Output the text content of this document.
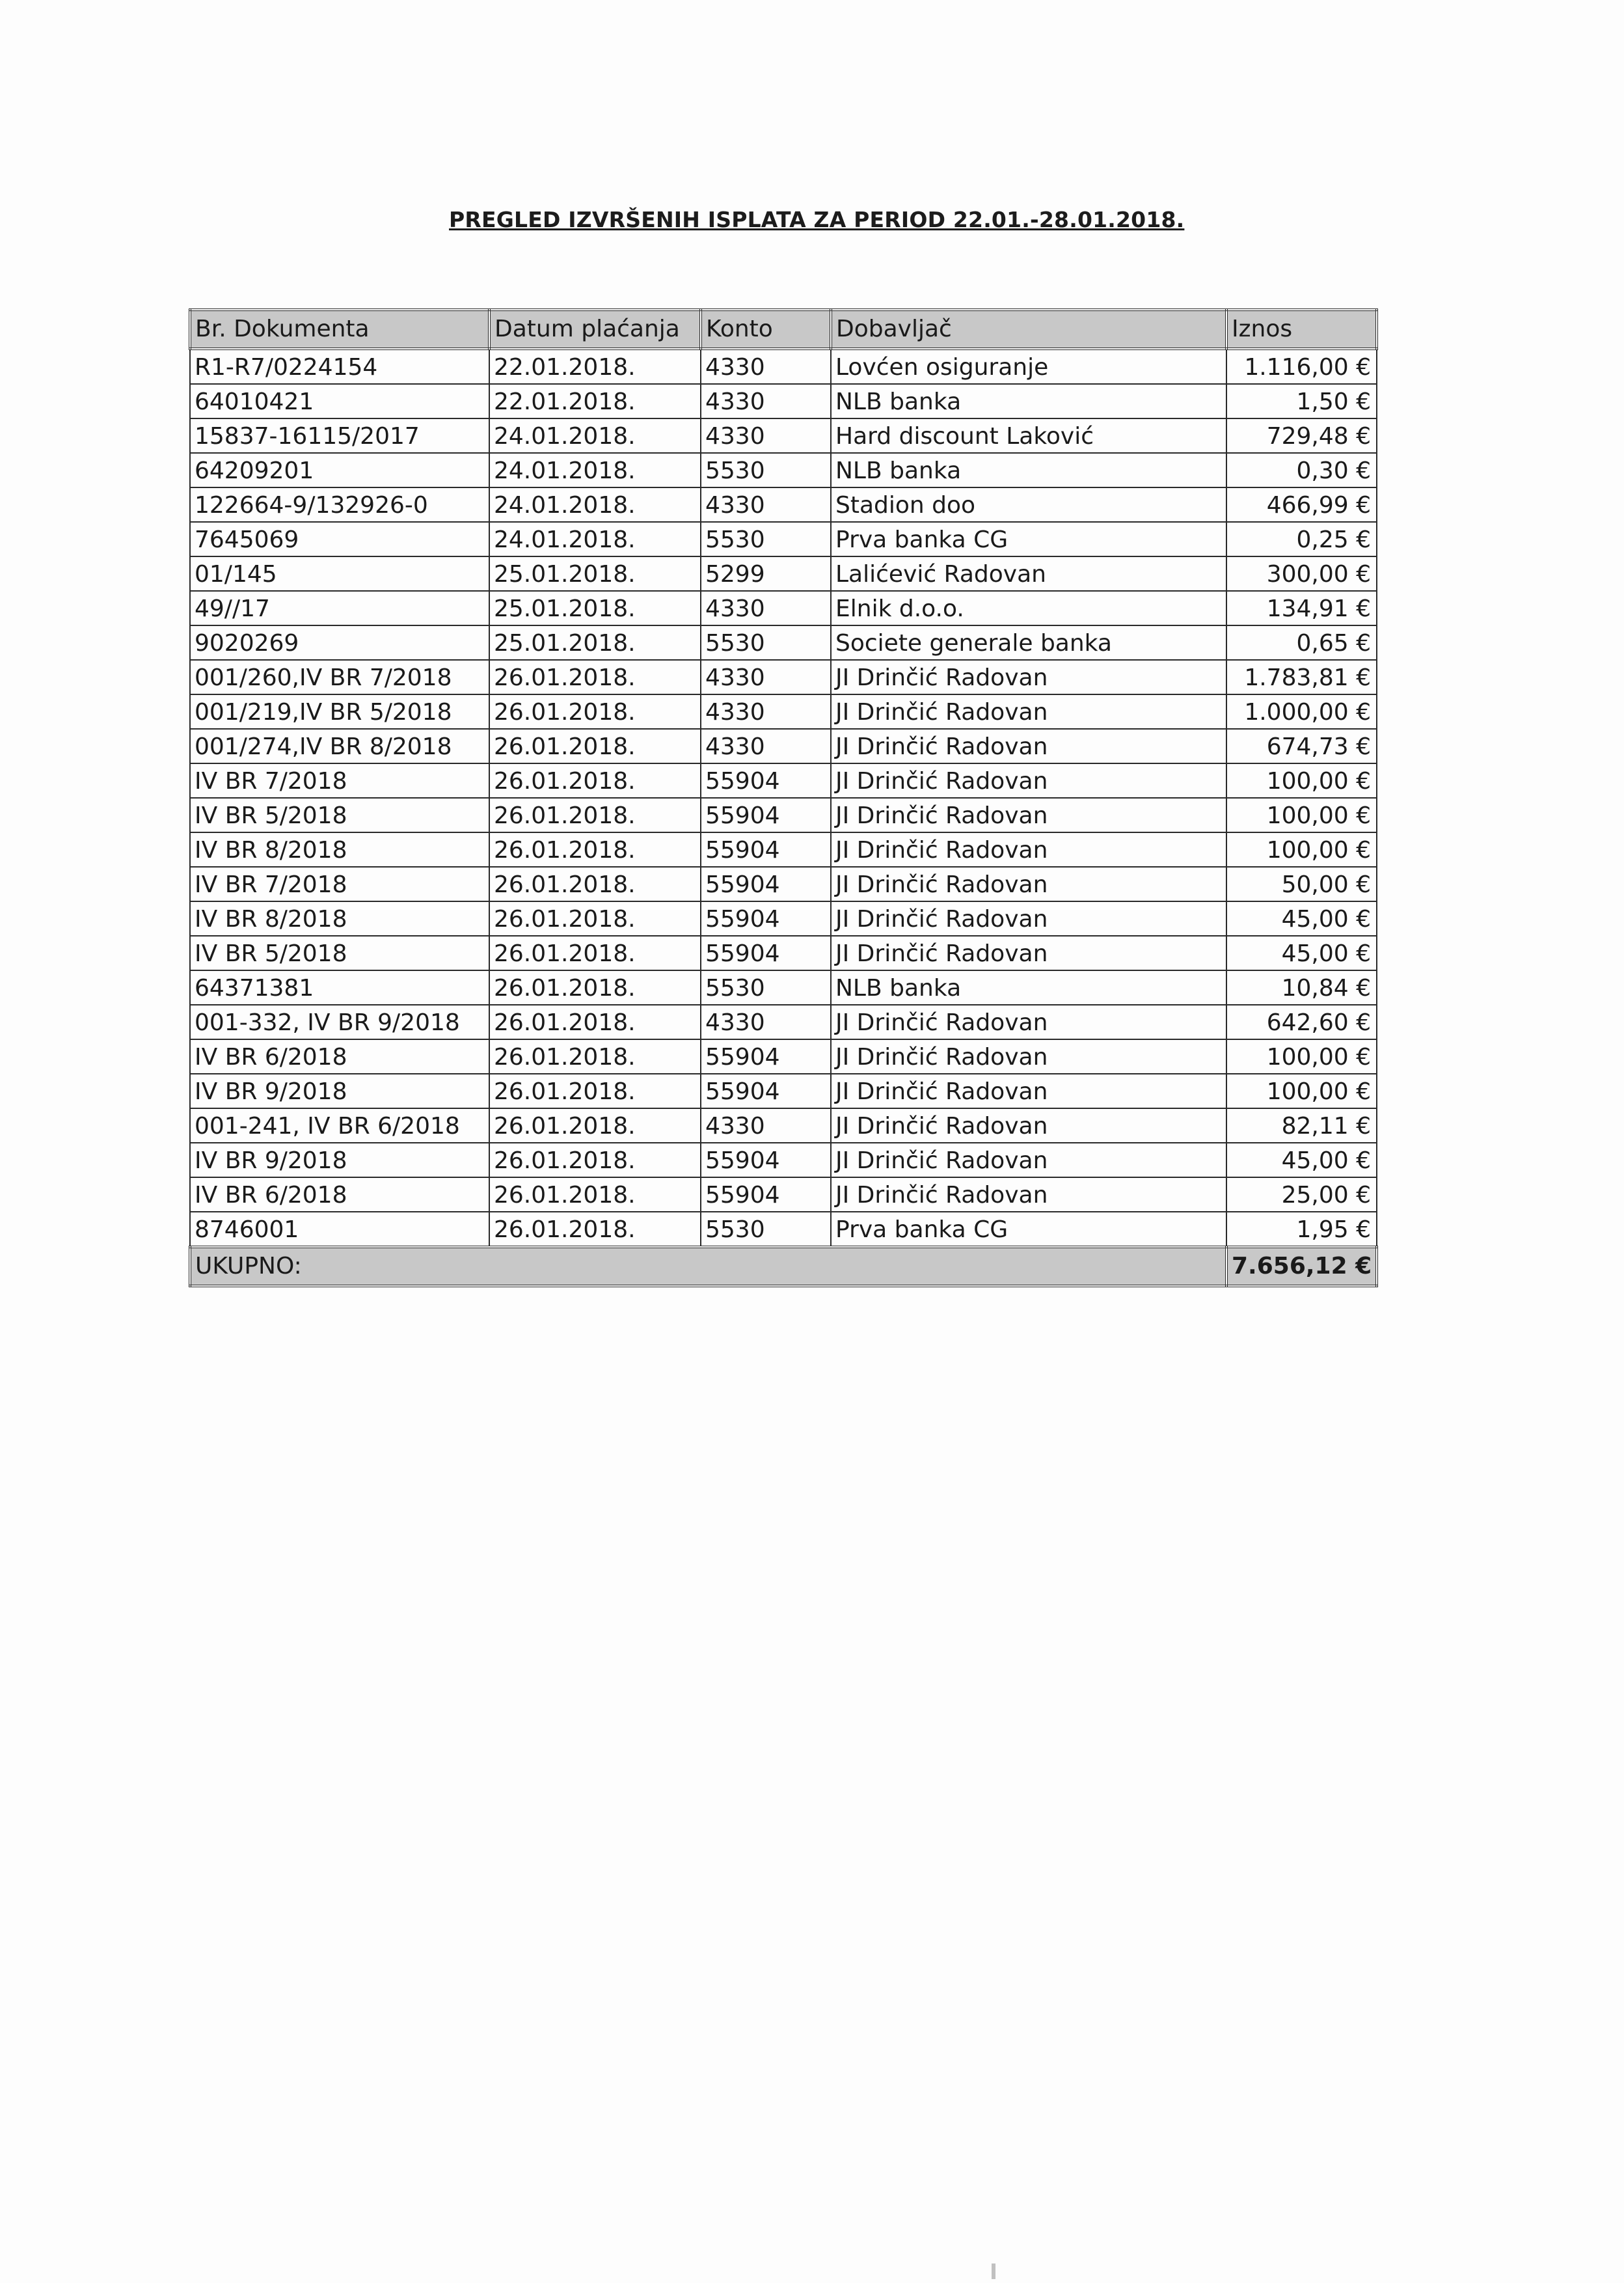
PREGLED IZVRŠENIH ISPLATA ZA PERIOD 22.01.-28.01.2018.
Br. Dokumenta	Datum plaćanja	Konto	Dobavljač	Iznos
R1-R7/0224154	22.01.2018.	4330	Lovćen osiguranje	1.116,00 €
64010421	22.01.2018.	4330	NLB banka	1,50 €
15837-16115/2017	24.01.2018.	4330	Hard discount Laković	729,48 €
64209201	24.01.2018.	5530	NLB banka	0,30 €
122664-9/132926-0	24.01.2018.	4330	Stadion doo	466,99 €
7645069	24.01.2018.	5530	Prva banka CG	0,25 €
01/145	25.01.2018.	5299	Lalićević Radovan	300,00 €
49//17	25.01.2018.	4330	Elnik d.o.o.	134,91 €
9020269	25.01.2018.	5530	Societe generale banka	0,65 €
001/260,IV BR 7/2018	26.01.2018.	4330	JI Drinčić Radovan	1.783,81 €
001/219,IV BR 5/2018	26.01.2018.	4330	JI Drinčić Radovan	1.000,00 €
001/274,IV BR 8/2018	26.01.2018.	4330	JI Drinčić Radovan	674,73 €
IV BR 7/2018	26.01.2018.	55904	JI Drinčić Radovan	100,00 €
IV BR 5/2018	26.01.2018.	55904	JI Drinčić Radovan	100,00 €
IV BR 8/2018	26.01.2018.	55904	JI Drinčić Radovan	100,00 €
IV BR 7/2018	26.01.2018.	55904	JI Drinčić Radovan	50,00 €
IV BR 8/2018	26.01.2018.	55904	JI Drinčić Radovan	45,00 €
IV BR 5/2018	26.01.2018.	55904	JI Drinčić Radovan	45,00 €
64371381	26.01.2018.	5530	NLB banka	10,84 €
001-332, IV BR 9/2018	26.01.2018.	4330	JI Drinčić Radovan	642,60 €
IV BR 6/2018	26.01.2018.	55904	JI Drinčić Radovan	100,00 €
IV BR 9/2018	26.01.2018.	55904	JI Drinčić Radovan	100,00 €
001-241, IV BR 6/2018	26.01.2018.	4330	JI Drinčić Radovan	82,11 €
IV BR 9/2018	26.01.2018.	55904	JI Drinčić Radovan	45,00 €
IV BR 6/2018	26.01.2018.	55904	JI Drinčić Radovan	25,00 €
8746001	26.01.2018.	5530	Prva banka CG	1,95 €
UKUPNO:				7.656,12 €
